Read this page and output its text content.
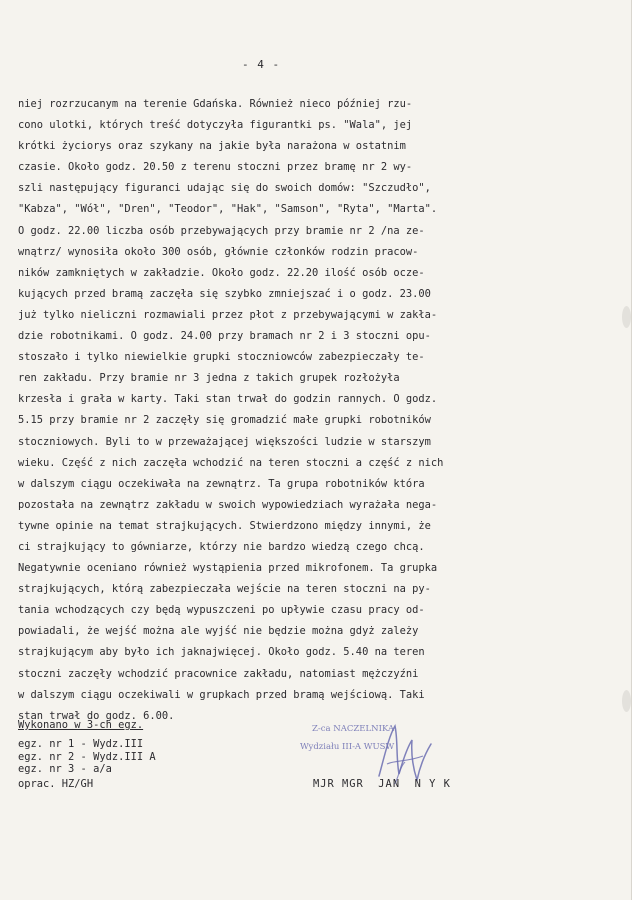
- 4 -
niej rozrzucanym na terenie Gdańska. Również nieco później rzu-
cono ulotki, których treść dotyczyła figurantki ps. "Wala", jej
krótki życiorys oraz szykany na jakie była narażona w ostatnim
czasie. Około godz. 20.50 z terenu stoczni przez bramę nr 2 wy-
szli następujący figuranci udając się do swoich domów: "Szczudło",
"Kabza", "Wół", "Dren", "Teodor", "Hak", "Samson", "Ryta", "Marta".
O godz. 22.00 liczba osób przebywających przy bramie nr 2 /na ze-
wnątrz/ wynosiła około 300 osób, głównie członków rodzin pracow-
ników zamkniętych w zakładzie. Około godz. 22.20 ilość osób ocze-
kujących przed bramą zaczęła się szybko zmniejszać i o godz. 23.00
już tylko nieliczni rozmawiali przez płot z przebywającymi w zakła-
dzie robotnikami. O godz. 24.00 przy bramach nr 2 i 3 stoczni opu-
stoszało i tylko niewielkie grupki stoczniowców zabezpieczały te-
ren zakładu. Przy bramie nr 3 jedna z takich grupek rozłożyła
krzesła i grała w karty. Taki stan trwał do godzin rannych. O godz.
5.15 przy bramie nr 2 zaczęły się gromadzić małe grupki robotników
stoczniowych. Byli to w przeważającej większości ludzie w starszym
wieku. Część z nich zaczęła wchodzić na teren stoczni a część z nich
w dalszym ciągu oczekiwała na zewnątrz. Ta grupa robotników która
pozostała na zewnątrz zakładu w swoich wypowiedziach wyrażała nega-
tywne opinie na temat strajkujących. Stwierdzono między innymi, że
ci strajkujący to gówniarze, którzy nie bardzo wiedzą czego chcą.
Negatywnie oceniano również wystąpienia przed mikrofonem. Ta grupka
strajkujących, którą zabezpieczała wejście na teren stoczni na py-
tania wchodzących czy będą wypuszczeni po upływie czasu pracy od-
powiadali, że wejść można ale wyjść nie będzie można gdyż zależy
strajkującym aby było ich jaknajwięcej. Około godz. 5.40 na teren
stoczni zaczęły wchodzić pracownice zakładu, natomiast mężczyźni
w dalszym ciągu oczekiwali w grupkach przed bramą wejściową. Taki
stan trwał do godz. 6.00.
Wykonano w 3-ch egz.
egz. nr 1 - Wydz.III
egz. nr 2 - Wydz.III A
egz. nr 3 - a/a
oprac. HZ/GH
Z-ca NACZELNIKA
Wydziału III-A WUSW
MJR MGR  JAN  N Y K
